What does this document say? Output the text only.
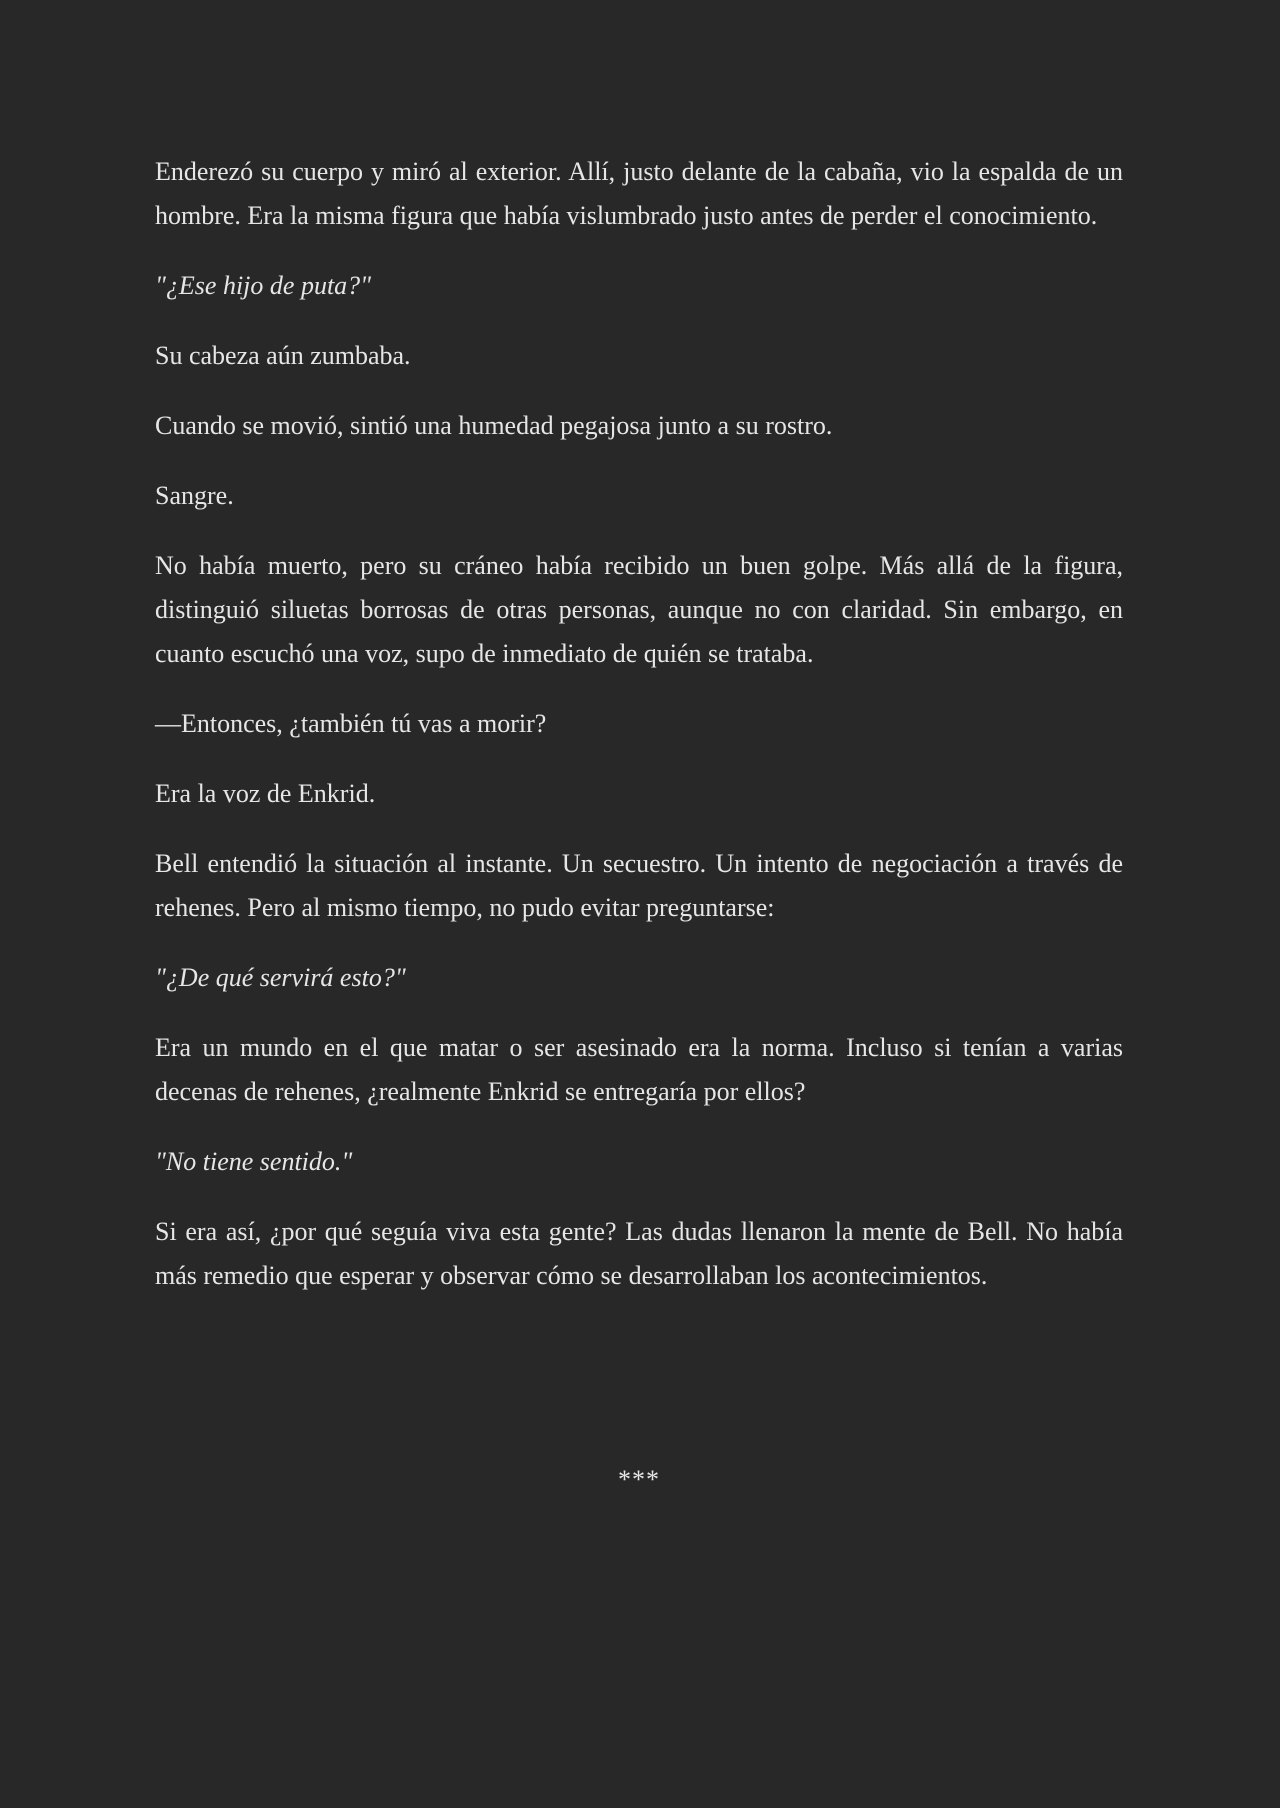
Enderezó su cuerpo y miró al exterior. Allí, justo delante de la cabaña, vio la espalda de un hombre. Era la misma figura que había vislumbrado justo antes de perder el conocimiento.

"¿Ese hijo de puta?"

Su cabeza aún zumbaba.

Cuando se movió, sintió una humedad pegajosa junto a su rostro.

Sangre.

No había muerto, pero su cráneo había recibido un buen golpe. Más allá de la figura, distinguió siluetas borrosas de otras personas, aunque no con claridad. Sin embargo, en cuanto escuchó una voz, supo de inmediato de quién se trataba.

—Entonces, ¿también tú vas a morir?

Era la voz de Enkrid.

Bell entendió la situación al instante. Un secuestro. Un intento de negociación a través de rehenes. Pero al mismo tiempo, no pudo evitar preguntarse:

"¿De qué servirá esto?"

Era un mundo en el que matar o ser asesinado era la norma. Incluso si tenían a varias decenas de rehenes, ¿realmente Enkrid se entregaría por ellos?

"No tiene sentido."

Si era así, ¿por qué seguía viva esta gente? Las dudas llenaron la mente de Bell. No había más remedio que esperar y observar cómo se desarrollaban los acontecimientos.

***
